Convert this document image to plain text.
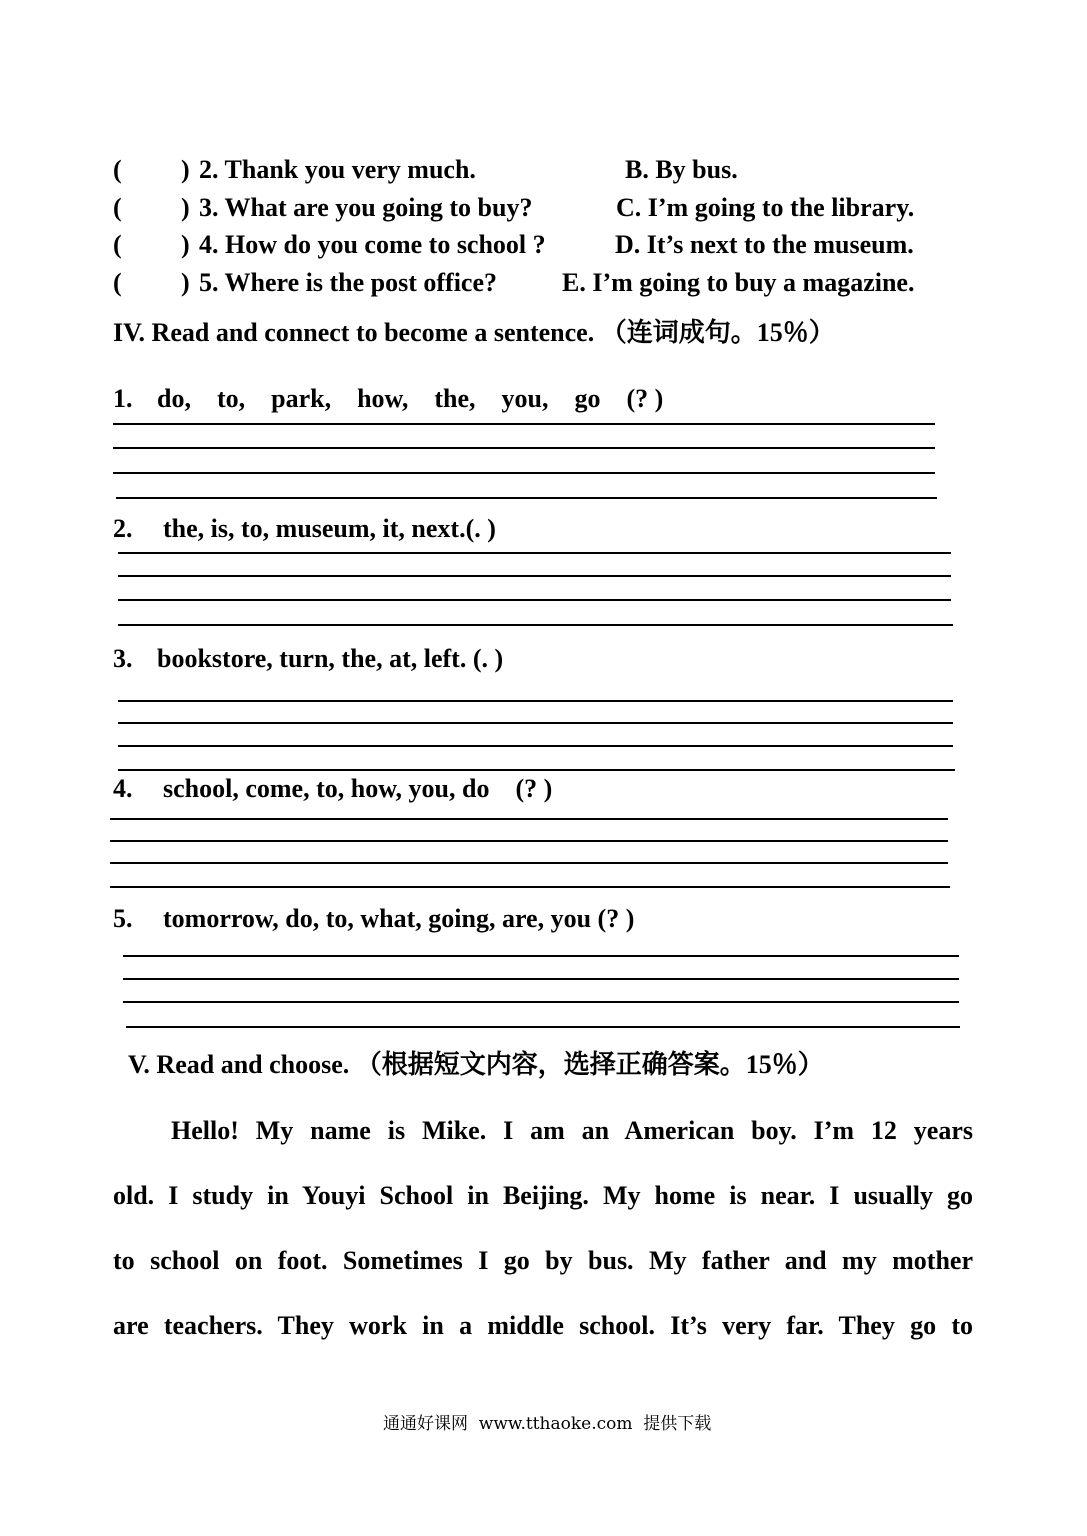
( ) 2. Thank you very much.	B. By bus.
( ) 3. What are you going to buy?	C. I’m going to the library.
( ) 4. How do you come to school ?	D. It’s next to the museum.
( ) 5. Where is the post office?	E. I’m going to buy a magazine.
IV. Read and connect to become a sentence. （连词成句。15％）
1. do,    to,    park,    how,    the,    you,    go    (? )
2. the, is, to, museum, it, next.(. )
3. bookstore, turn, the, at, left. (. )
4. school, come, to, how, you, do    (? )
5. tomorrow, do, to, what, going, are, you (? )
V. Read and choose. （根据短文内容，选择正确答案。15％）
Hello! My name is Mike. I am an American boy. I’m 12 years
old. I study in Youyi School in Beijing. My home is near. I usually go
to school on foot. Sometimes I go by bus. My father and my mother
are teachers. They work in a middle school. It’s very far. They go to
通通好课网  www.tthaoke.com  提供下载
